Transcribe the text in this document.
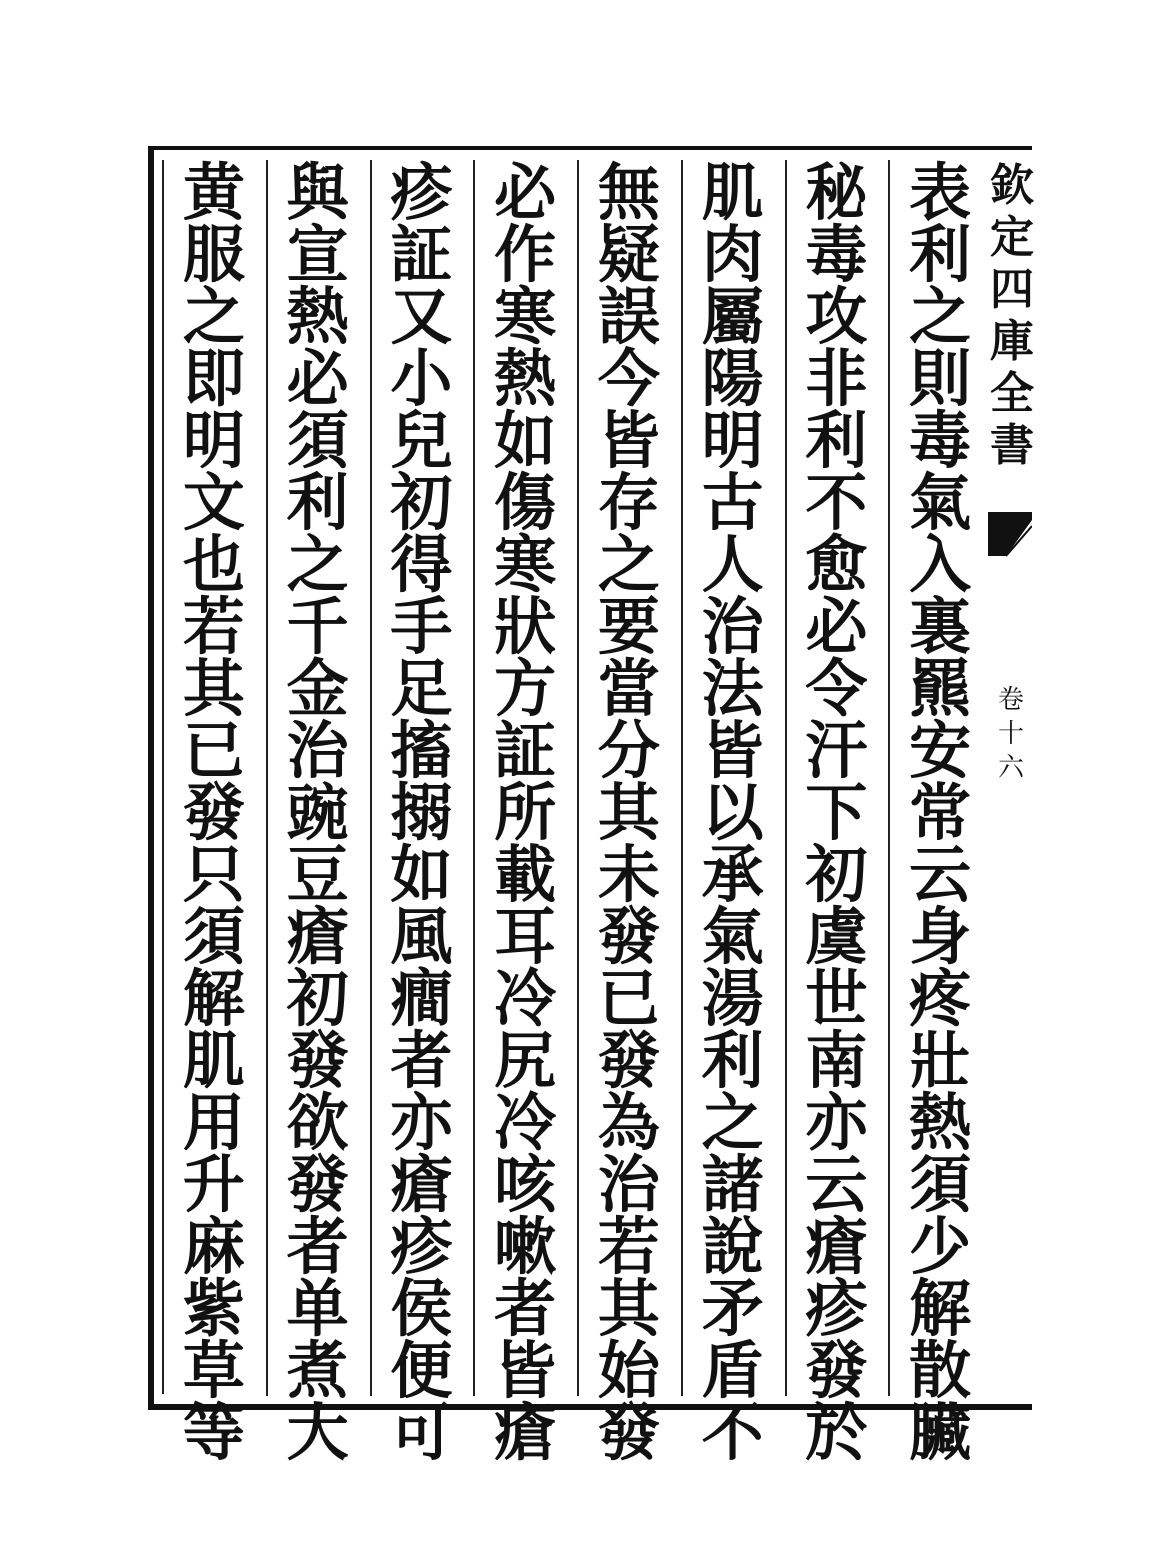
表
利
之
則
毒
氣
入
裏
羆
安
常
云
身
疼
壯
熱
須
少
解
散
臟
秘
毒
攻
非
利
不
愈
必
令
汗
下
初
虞
世
南
亦
云
瘡
疹
發
於
肌
肉
屬
陽
明
古
人
治
法
皆
以
承
氣
湯
利
之
諸
說
矛
盾
不
無
疑
誤
今
皆
存
之
要
當
分
其
未
發
已
發
為
治
若
其
始
發
必
作
寒
熱
如
傷
寒
狀
方
証
所
載
耳
冷
尻
冷
咳
嗽
者
皆
瘡
疹
証
又
小
兒
初
得
手
足
搐
搦
如
風
癎
者
亦
瘡
疹
侯
便
可
與
宣
熱
必
須
利
之
千
金
治
豌
豆
瘡
初
發
欲
發
者
单
煮
大
黄
服
之
即
明
文
也
若
其
已
發
只
須
解
肌
用
升
麻
紫
草
等
欽
定
四
庫
全
書
卷
十
六
